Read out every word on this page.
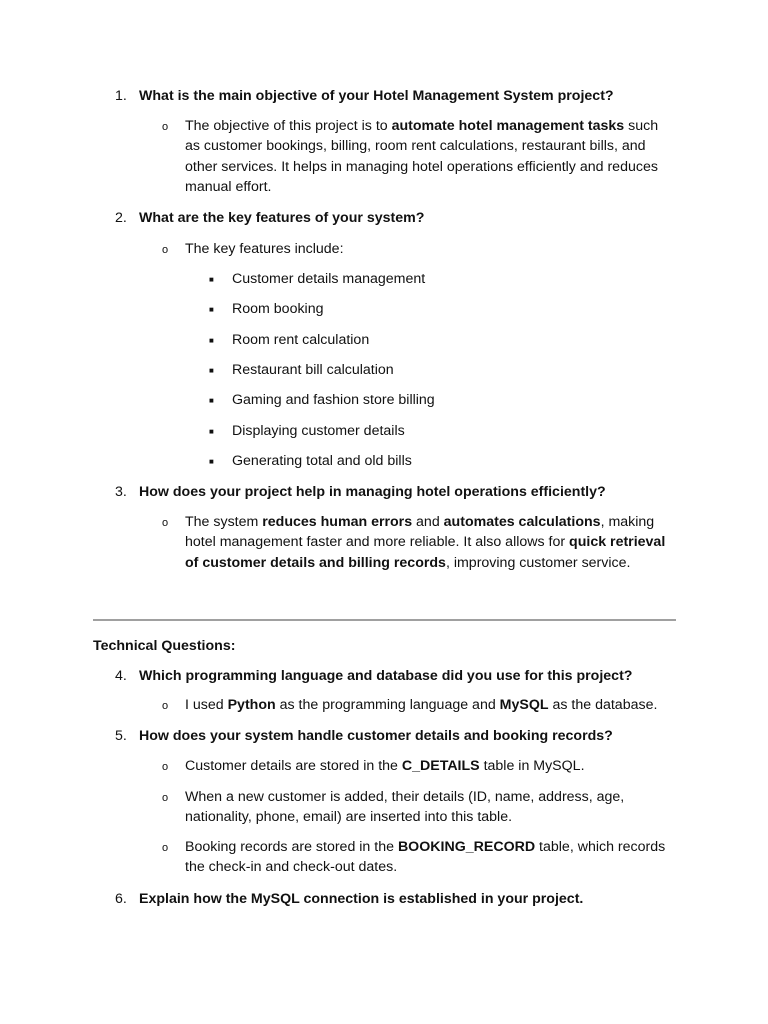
1. What is the main objective of your Hotel Management System project?
o The objective of this project is to automate hotel management tasks such as customer bookings, billing, room rent calculations, restaurant bills, and other services. It helps in managing hotel operations efficiently and reduces manual effort.
2. What are the key features of your system?
o The key features include:
■ Customer details management
■ Room booking
■ Room rent calculation
■ Restaurant bill calculation
■ Gaming and fashion store billing
■ Displaying customer details
■ Generating total and old bills
3. How does your project help in managing hotel operations efficiently?
o The system reduces human errors and automates calculations, making hotel management faster and more reliable. It also allows for quick retrieval of customer details and billing records, improving customer service.
Technical Questions:
4. Which programming language and database did you use for this project?
o I used Python as the programming language and MySQL as the database.
5. How does your system handle customer details and booking records?
o Customer details are stored in the C_DETAILS table in MySQL.
o When a new customer is added, their details (ID, name, address, age, nationality, phone, email) are inserted into this table.
o Booking records are stored in the BOOKING_RECORD table, which records the check-in and check-out dates.
6. Explain how the MySQL connection is established in your project.
